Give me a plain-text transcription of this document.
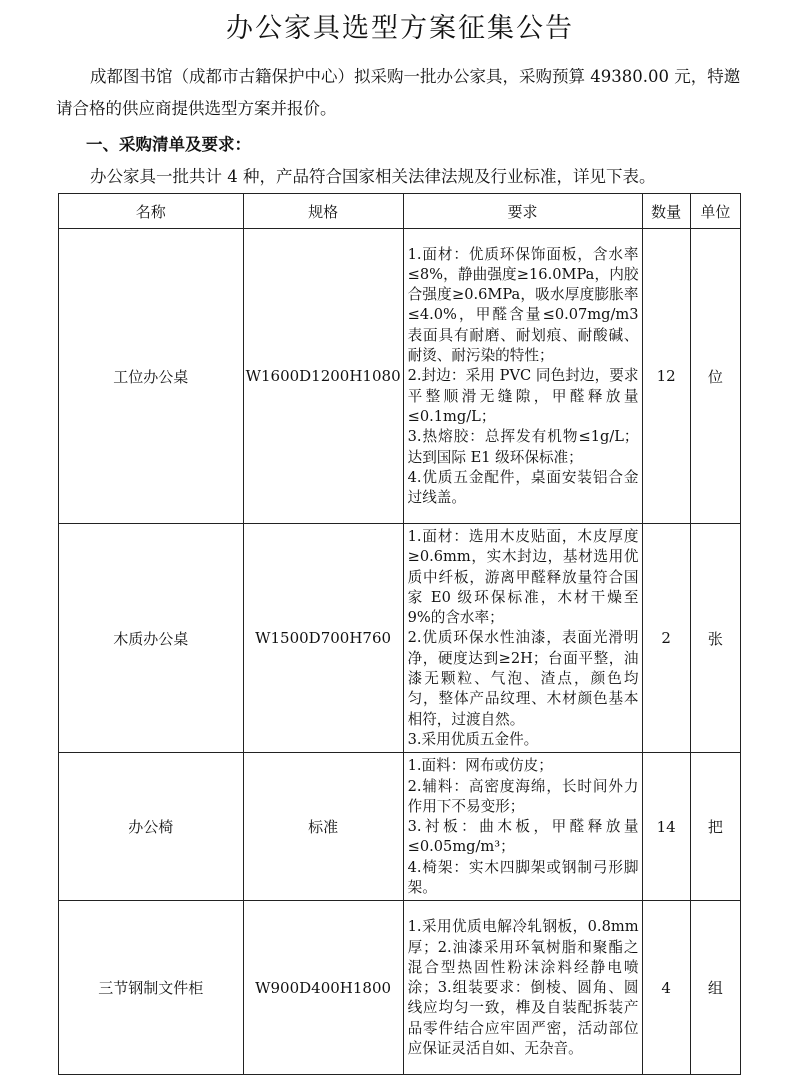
办公家具选型方案征集公告

成都图书馆（成都市古籍保护中心）拟采购一批办公家具，采购预算 49380.00 元，特邀请合格的供应商提供选型方案并报价。

一、采购清单及要求：

办公家具一批共计 4 种，产品符合国家相关法律法规及行业标准，详见下表。

名称	规格	要求	数量	单位
工位办公桌	W1600D1200H1080	1.面材：优质环保饰面板，含水率≤8%，静曲强度≥16.0MPa，内胶合强度≥0.6MPa，吸水厚度膨胀率≤4.0%，甲醛含量≤0.07mg/m3表面具有耐磨、耐划痕、耐酸碱、耐烫、耐污染的特性；
2.封边：采用 PVC 同色封边，要求平整顺滑无缝隙，甲醛释放量≤0.1mg/L；
3.热熔胶：总挥发有机物≤1g/L；达到国际 E1 级环保标准；
4.优质五金配件，桌面安装铝合金过线盖。	12	位
木质办公桌	W1500D700H760	1.面材：选用木皮贴面，木皮厚度≥0.6mm，实木封边，基材选用优质中纤板，游离甲醛释放量符合国家 E0 级环保标准，木材干燥至 9%的含水率；
2.优质环保水性油漆，表面光滑明净，硬度达到≥2H；台面平整，油漆无颗粒、气泡、渣点，颜色均匀，整体产品纹理、木材颜色基本相符，过渡自然。
3.采用优质五金件。	2	张
办公椅	标准	1.面料：网布或仿皮；
2.辅料：高密度海绵，长时间外力作用下不易变形；
3.衬板：曲木板，甲醛释放量≤0.05mg/m³；
4.椅架：实木四脚架或钢制弓形脚架。	14	把
三节钢制文件柜	W900D400H1800	1.采用优质电解冷轧钢板，0.8mm 厚；2.油漆采用环氧树脂和聚酯之混合型热固性粉沫涂料经静电喷涂；3.组装要求：倒棱、圆角、圆线应均匀一致，榫及自装配拆装产品零件结合应牢固严密，活动部位应保证灵活自如、无杂音。	4	组
